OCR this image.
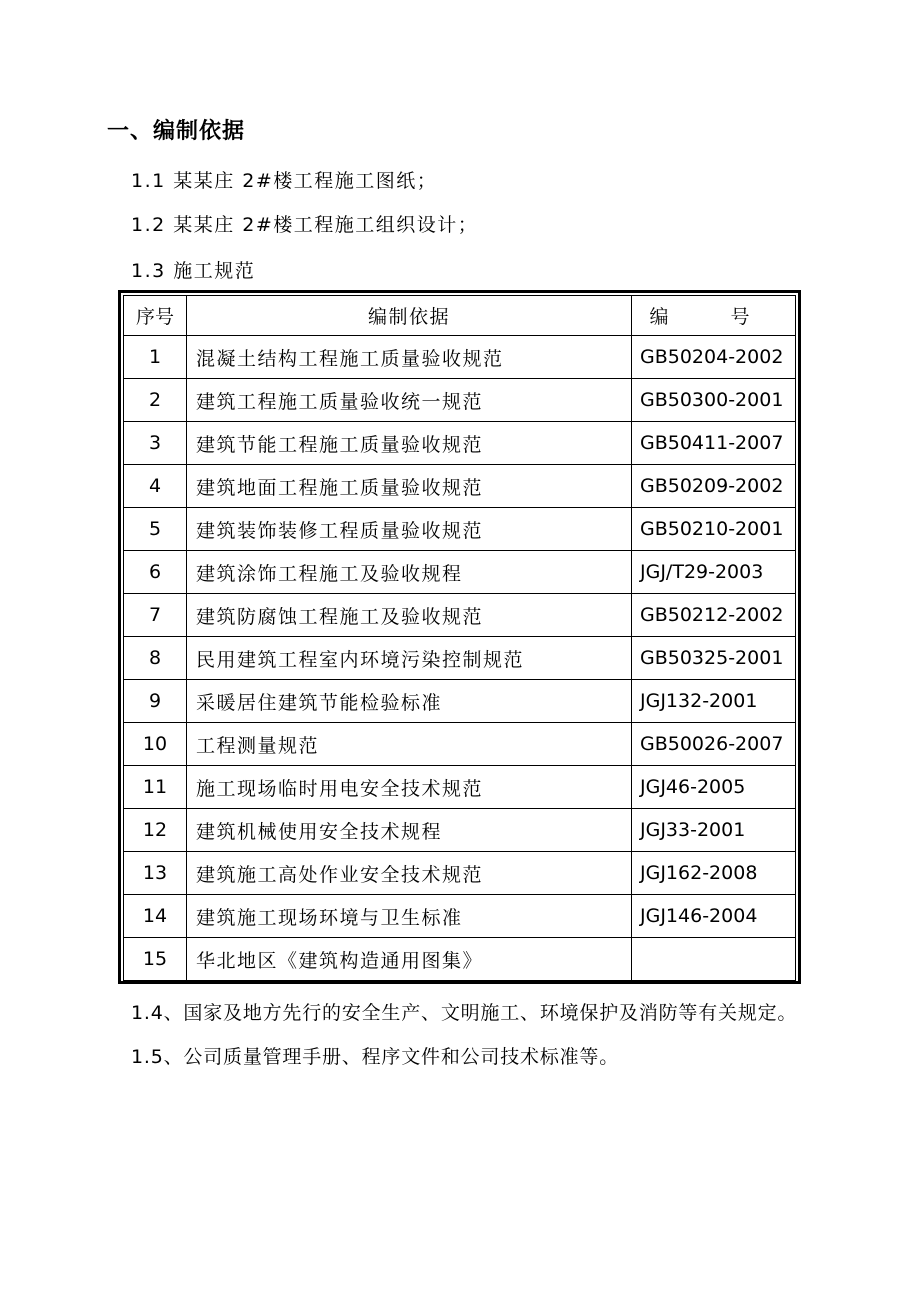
一、编制依据
1.1 某某庄 2#楼工程施工图纸；
1.2 某某庄 2#楼工程施工组织设计；
1.3 施工规范
序号	编制依据	编 号
1	混凝土结构工程施工质量验收规范	GB50204-2002
2	建筑工程施工质量验收统一规范	GB50300-2001
3	建筑节能工程施工质量验收规范	GB50411-2007
4	建筑地面工程施工质量验收规范	GB50209-2002
5	建筑装饰装修工程质量验收规范	GB50210-2001
6	建筑涂饰工程施工及验收规程	JGJ/T29-2003
7	建筑防腐蚀工程施工及验收规范	GB50212-2002
8	民用建筑工程室内环境污染控制规范	GB50325-2001
9	采暖居住建筑节能检验标准	JGJ132-2001
10	工程测量规范	GB50026-2007
11	施工现场临时用电安全技术规范	JGJ46-2005
12	建筑机械使用安全技术规程	JGJ33-2001
13	建筑施工高处作业安全技术规范	JGJ162-2008
14	建筑施工现场环境与卫生标准	JGJ146-2004
15	华北地区《建筑构造通用图集》	
1.4、国家及地方先行的安全生产、文明施工、环境保护及消防等有关规定。
1.5、公司质量管理手册、程序文件和公司技术标准等。
